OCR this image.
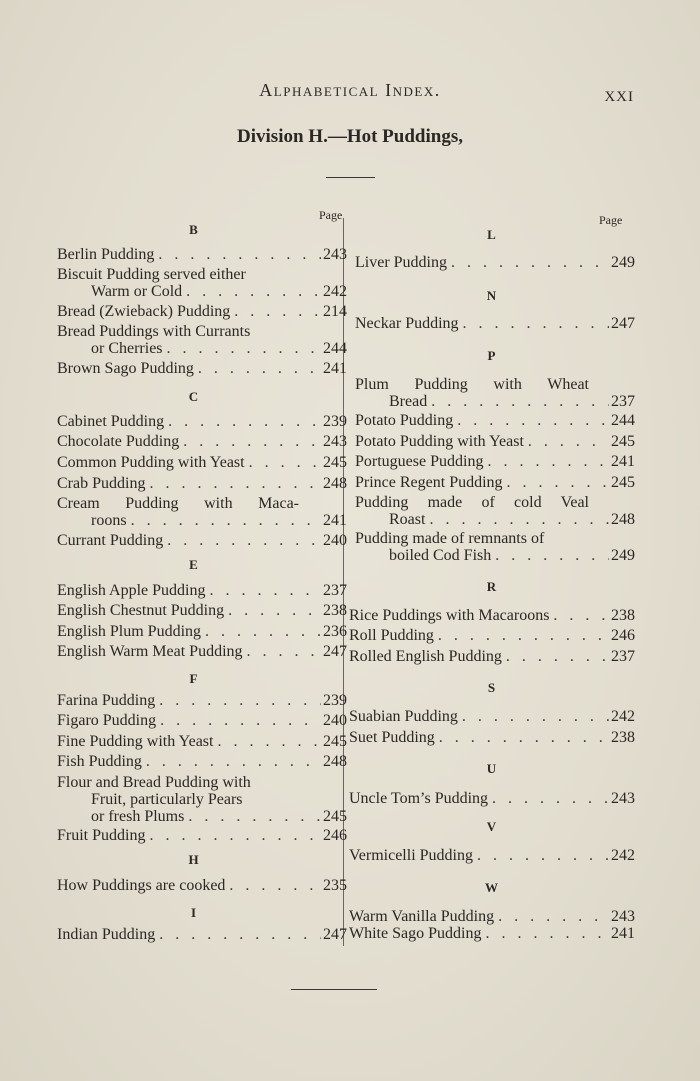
Alphabetical Index.	XXI
Division H.—Hot Puddings,
Page	Page
B
Berlin Pudding . . .	243
Biscuit Pudding served either
Warm or Cold . . .	242
Bread (Zwieback) Pudding . . .	214
Bread Puddings with Currants
or Cherries . . .	244
Brown Sago Pudding . . .	241
C
Cabinet Pudding . . .	239
Chocolate Pudding . . .	243
Common Pudding with Yeast . . .	245
Crab Pudding . . .	248
Cream Pudding with Maca-
roons . . .	241
Currant Pudding . . .	240
E
English Apple Pudding . . .	237
English Chestnut Pudding . . .	238
English Plum Pudding . . .	236
English Warm Meat Pudding . . .	247
F
Farina Pudding . . .	239
Figaro Pudding . . .	240
Fine Pudding with Yeast . . .	245
Fish Pudding . . .	248
Flour and Bread Pudding with
Fruit, particularly Pears
or fresh Plums . . .	245
Fruit Pudding . . .	246
H
How Puddings are cooked . . .	235
I
Indian Pudding . . .	247
L
Liver Pudding . . .	249
N
Neckar Pudding . . .	247
P
Plum Pudding with Wheat
Bread . . .	237
Potato Pudding . . .	244
Potato Pudding with Yeast . . .	245
Portuguese Pudding . . .	241
Prince Regent Pudding . . .	245
Pudding made of cold Veal
Roast . . .	248
Pudding made of remnants of
boiled Cod Fish . . .	249
R
Rice Puddings with Macaroons . . .	238
Roll Pudding . . .	246
Rolled English Pudding . . .	237
S
Suabian Pudding . . .	242
Suet Pudding . . .	238
U
Uncle Tom’s Pudding . . .	243
V
Vermicelli Pudding . . .	242
W
Warm Vanilla Pudding . . .	243
White Sago Pudding . . .	241
